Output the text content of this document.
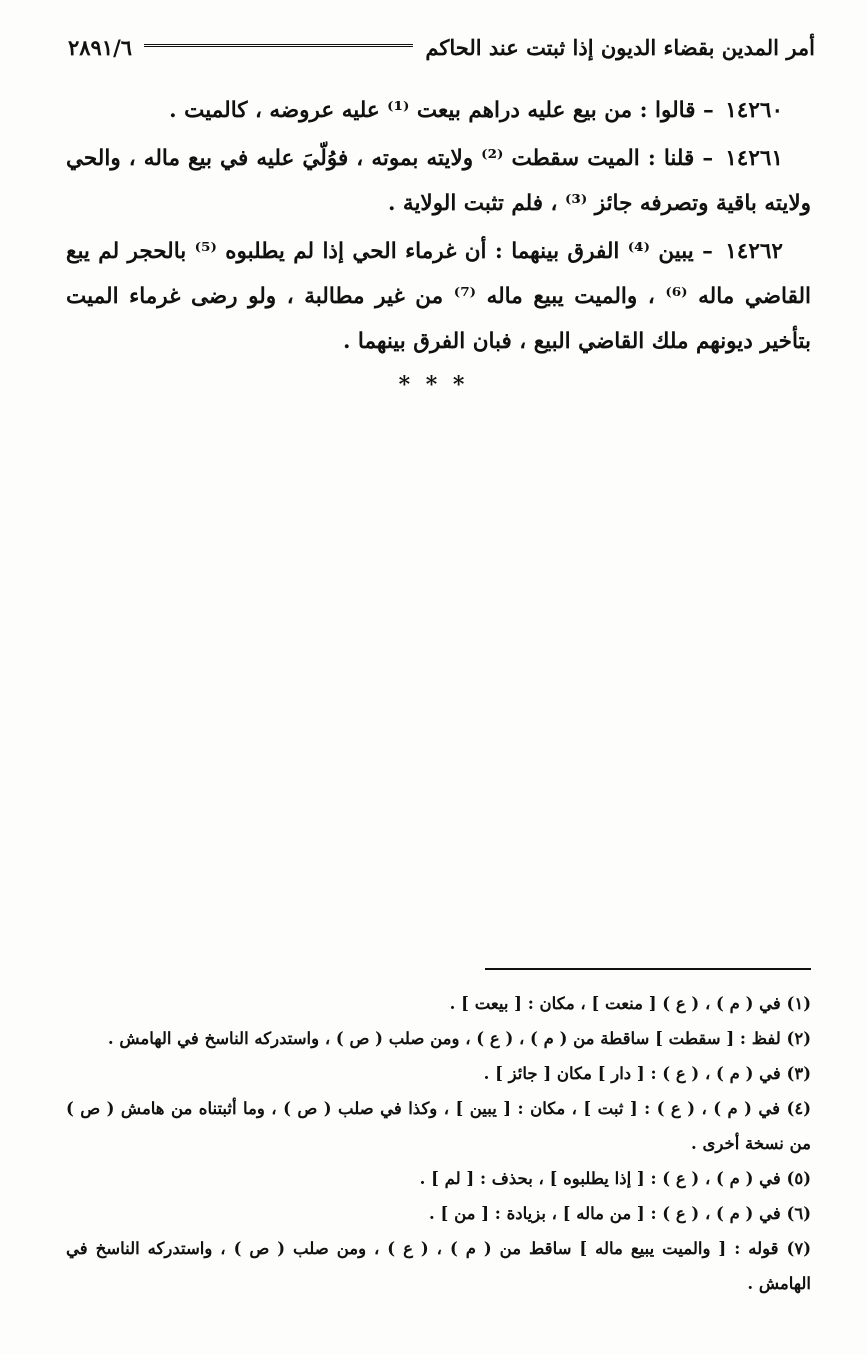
أمر المدين بقضاء الديون إذا ثبتت عند الحاكم
٢٨٩١/٦

١٤٢٦٠ – قالوا : من بيع عليه دراهم بيعت ⁽¹⁾ عليه عروضه ، كالميت .

١٤٢٦١ – قلنا : الميت سقطت ⁽²⁾ ولايته بموته ، فوُلّيَ عليه في بيع ماله ، والحي ولايته باقية وتصرفه جائز ⁽³⁾ ، فلم تثبت الولاية .

١٤٢٦٢ – يبين ⁽⁴⁾ الفرق بينهما : أن غرماء الحي إذا لم يطلبوه ⁽⁵⁾ بالحجر لم يبع القاضي ماله ⁽⁶⁾ ، والميت يبيع ماله ⁽⁷⁾ من غير مطالبة ، ولو رضى غرماء الميت بتأخير ديونهم ملك القاضي البيع ، فبان الفرق بينهما .

* * *

(١) في ( م ) ، ( ع ) [ منعت ] ، مكان : [ بيعت ] .

(٢) لفظ : [ سقطت ] ساقطة من ( م ) ، ( ع ) ، ومن صلب ( ص ) ، واستدركه الناسخ في الهامش .

(٣) في ( م ) ، ( ع ) : [ دار ] مكان [ جائز ] .

(٤) في ( م ) ، ( ع ) : [ ثبت ] ، مكان : [ يبين ] ، وكذا في صلب ( ص ) ، وما أثبتناه من هامش ( ص ) من نسخة أخرى .

(٥) في ( م ) ، ( ع ) : [ إذا يطلبوه ] ، بحذف : [ لم ] .

(٦) في ( م ) ، ( ع ) : [ من ماله ] ، بزيادة : [ من ] .

(٧) قوله : [ والميت يبيع ماله ] ساقط من ( م ) ، ( ع ) ، ومن صلب ( ص ) ، واستدركه الناسخ في الهامش .
